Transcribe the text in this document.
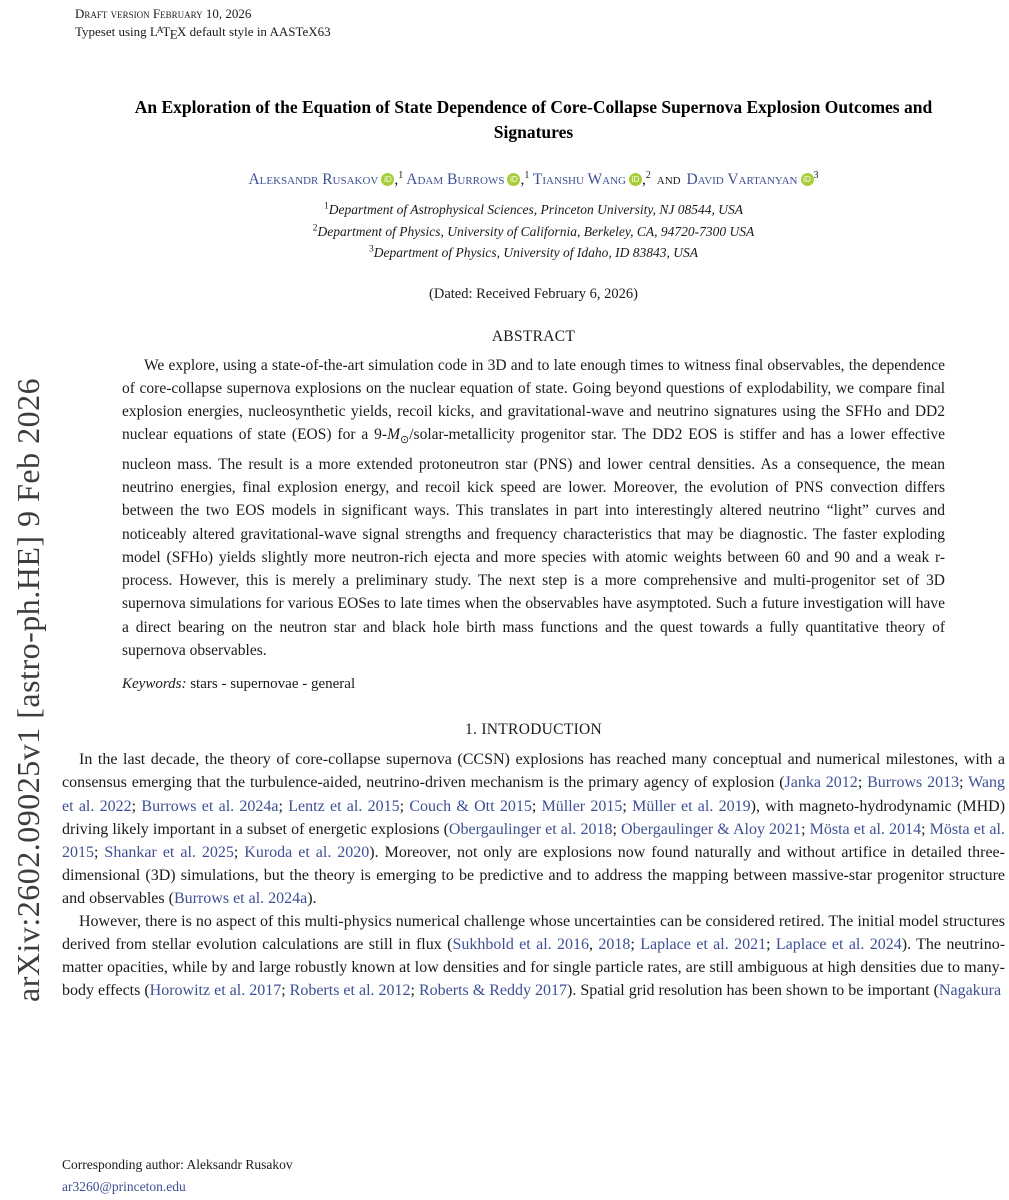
Draft version February 10, 2026
Typeset using LATEX default style in AASTeX63
arXiv:2602.09025v1 [astro-ph.HE] 9 Feb 2026
An Exploration of the Equation of State Dependence of Core-Collapse Supernova Explosion Outcomes and Signatures
Aleksandr Rusakov iD ,$^1$ Adam Burrows iD ,$^1$ Tianshu Wang iD ,$^2$ and David Vartanyan iD $^3$
$^1$Department of Astrophysical Sciences, Princeton University, NJ 08544, USA
$^2$Department of Physics, University of California, Berkeley, CA, 94720-7300 USA
$^3$Department of Physics, University of Idaho, ID 83843, USA
(Dated: Received February 6, 2026)
ABSTRACT
We explore, using a state-of-the-art simulation code in 3D and to late enough times to witness final observables, the dependence of core-collapse supernova explosions on the nuclear equation of state. Going beyond questions of explodability, we compare final explosion energies, nucleosynthetic yields, recoil kicks, and gravitational-wave and neutrino signatures using the SFHo and DD2 nuclear equations of state (EOS) for a $9-M_⊙/solar$-metallicity progenitor star. The DD2 EOS is stiffer and has a lower effective nucleon mass. The result is a more extended protoneutron star (PNS) and lower central densities. As a consequence, the mean neutrino energies, final explosion energy, and recoil kick speed are lower. Moreover, the evolution of PNS convection differs between the two EOS models in significant ways. This translates in part into interestingly altered neutrino “light” curves and noticeably altered gravitational-wave signal strengths and frequency characteristics that may be diagnostic. The faster exploding model (SFHo) yields slightly more neutron-rich ejecta and more species with atomic weights between 60 and 90 and a weak r-process. However, this is merely a preliminary study. The next step is a more comprehensive and multi-progenitor set of 3D supernova simulations for various EOSes to late times when the observables have asymptoted. Such a future investigation will have a direct bearing on the neutron star and black hole birth mass functions and the quest towards a fully quantitative theory of supernova observables.
Keywords: stars - supernovae - general
1. INTRODUCTION

In the last decade, the theory of core-collapse supernova (CCSN) explosions has reached many conceptual and numerical milestones, with a consensus emerging that the turbulence-aided, neutrino-driven mechanism is the primary agency of explosion (Janka 2012; Burrows 2013; Wang et al. 2022; Burrows et al. 2024a; Lentz et al. 2015; Couch & Ott 2015; Müller 2015; Müller et al. 2019), with magneto-hydrodynamic (MHD) driving likely important in a subset of energetic explosions (Obergaulinger et al. 2018; Obergaulinger & Aloy 2021; Mösta et al. 2014; Mösta et al. 2015; Shankar et al. 2025; Kuroda et al. 2020). Moreover, not only are explosions now found naturally and without artifice in detailed three-dimensional (3D) simulations, but the theory is emerging to be predictive and to address the mapping between massive-star progenitor structure and observables (Burrows et al. 2024a).

However, there is no aspect of this multi-physics numerical challenge whose uncertainties can be considered retired. The initial model structures derived from stellar evolution calculations are still in flux (Sukhbold et al. 2016, 2018; Laplace et al. 2021; Laplace et al. 2024). The neutrino-matter opacities, while by and large robustly known at low densities and for single particle rates, are still ambiguous at high densities due to many-body effects (Horowitz et al. 2017; Roberts et al. 2012; Roberts & Reddy 2017). Spatial grid resolution has been shown to be important (Nagakura

Corresponding author: Aleksandr Rusakov
ar3260@princeton.edu
